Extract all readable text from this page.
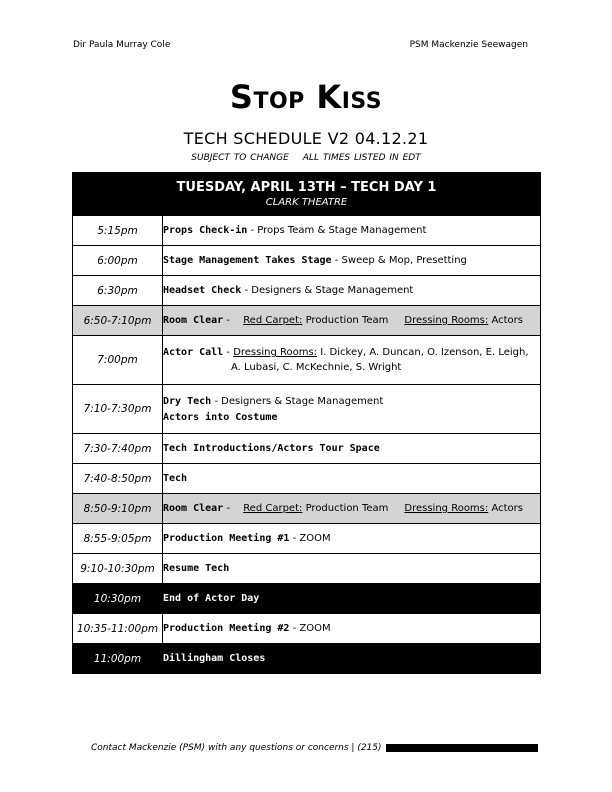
Dir Paula Murray Cole	PSM Mackenzie Seewagen
Stop Kiss
TECH SCHEDULE V2 04.12.21
SUBJECT TO CHANGE ALL TIMES LISTED IN EDT
TUESDAY, APRIL 13TH – TECH DAY 1
CLARK THEATRE	

5:15pm	Props Check-in - Props Team & Stage Management
6:00pm	Stage Management Takes Stage - Sweep & Mop, Presetting
6:30pm	Headset Check - Designers & Stage Management
6:50-7:10pm	Room Clear - Red Carpet: Production Team Dressing Rooms: Actors
7:00pm	Actor Call - Dressing Rooms: I. Dickey, A. Duncan, O. Izenson, E. Leigh,
A. Lubasi, C. McKechnie, S. Wright

7:10-7:30pm	Dry Tech - Designers & Stage Management
Actors into Costume
7:30-7:40pm	Tech Introductions/Actors Tour Space
7:40-8:50pm	Tech
8:50-9:10pm	Room Clear - Red Carpet: Production Team Dressing Rooms: Actors
8:55-9:05pm	Production Meeting #1 - ZOOM
9:10-10:30pm	Resume Tech
10:30pm	End of Actor Day
10:35-11:00pm	Production Meeting #2 - ZOOM
11:00pm	Dillingham Closes
Contact Mackenzie (PSM) with any questions or concerns | (215)
